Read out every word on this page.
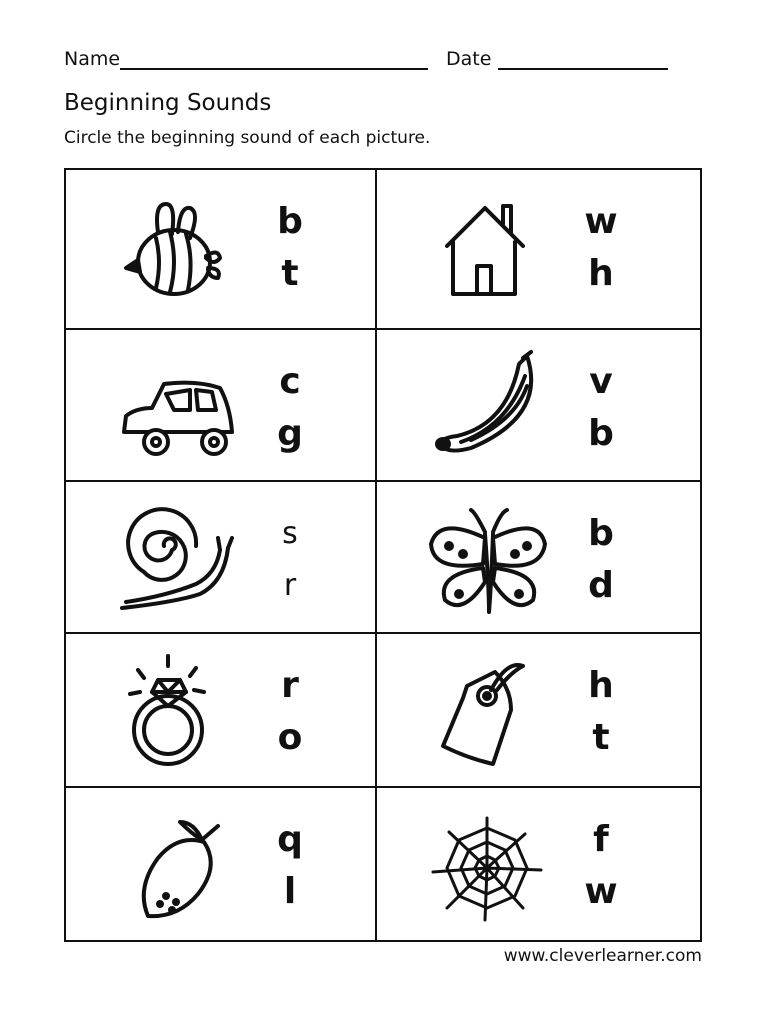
Name	Date
Beginning Sounds
Circle the beginning sound of each picture.
b
t
w
h
c
g
v
b
s
r
b
d
r
o
h
t
q
l
f
w
www.cleverlearner.com
